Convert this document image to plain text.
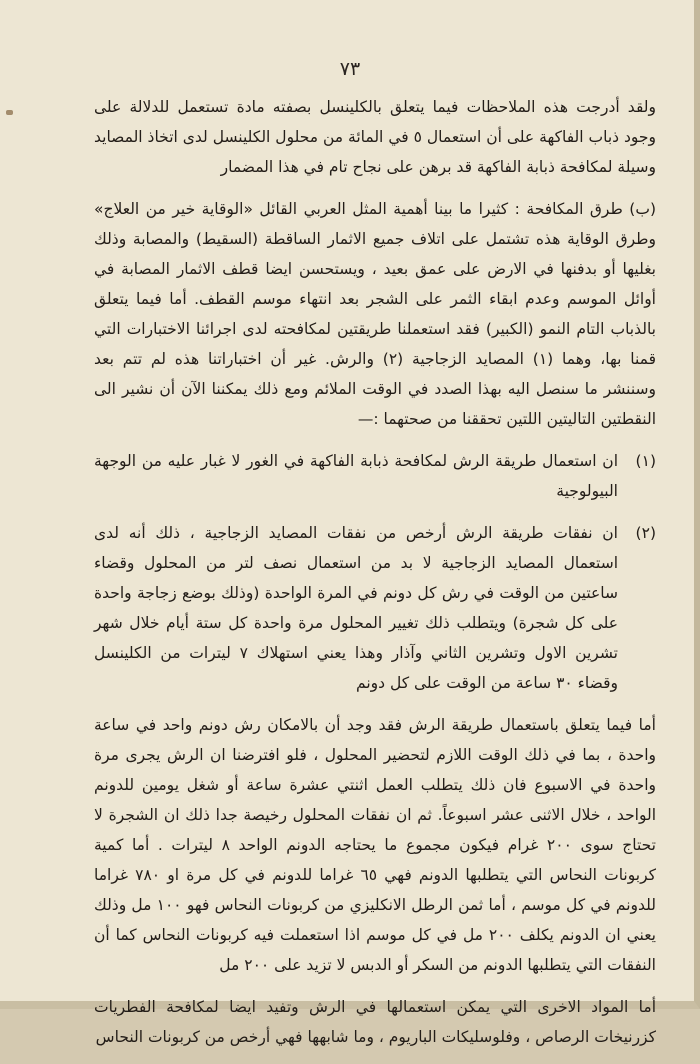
٧٣

ولقد أدرجت هذه الملاحظات فيما يتعلق بالكلينسل بصفته مادة تستعمل للدلالة على وجود ذباب الفاكهة على أن استعمال ٥ في المائة من محلول الكلينسل لدى اتخاذ المصايد وسيلة لمكافحة ذبابة الفاكهة قد برهن على نجاح تام في هذا المضمار

(ب) طرق المكافحة : كثيرا ما بينا أهمية المثل العربي القائل «الوقاية خير من العلاج» وطرق الوقاية هذه تشتمل على اتلاف جميع الاثمار الساقطة (السقيط) والمصابة وذلك بغليها أو بدفنها في الارض على عمق بعيد ، ويستحسن ايضا قطف الاثمار المصابة في أوائل الموسم وعدم ابقاء الثمر على الشجر بعد انتهاء موسم القطف. أما فيما يتعلق بالذباب التام النمو (الكبير) فقد استعملنا طريقتين لمكافحته لدى اجرائنا الاختبارات التي قمنا بها، وهما (١) المصايد الزجاجية (٢) والرش. غير أن اختباراتنا هذه لم تتم بعد وسننشر ما سنصل اليه بهذا الصدد في الوقت الملائم ومع ذلك يمكننا الآن أن نشير الى النقطتين التاليتين اللتين تحققنا من صحتهما :—

(١)
ان استعمال طريقة الرش لمكافحة ذبابة الفاكهة في الغور لا غبار عليه من الوجهة البيولوجية
(٢)
ان نفقات طريقة الرش أرخص من نفقات المصايد الزجاجية ، ذلك أنه لدى استعمال المصايد الزجاجية لا بد من استعمال نصف لتر من المحلول وقضاء ساعتين من الوقت في رش كل دونم في المرة الواحدة (وذلك بوضع زجاجة واحدة على كل شجرة) ويتطلب ذلك تغيير المحلول مرة واحدة كل ستة أيام خلال شهر تشرين الاول وتشرين الثاني وآذار وهذا يعني استهلاك ٧ ليترات من الكلينسل وقضاء ٣٠ ساعة من الوقت على كل دونم

أما فيما يتعلق باستعمال طريقة الرش فقد وجد أن بالامكان رش دونم واحد في ساعة واحدة ، بما في ذلك الوقت اللازم لتحضير المحلول ، فلو افترضنا ان الرش يجرى مرة واحدة في الاسبوع فان ذلك يتطلب العمل اثنتي عشرة ساعة أو شغل يومين للدونم الواحد ، خلال الاثنى عشر اسبوعاً. ثم ان نفقات المحلول رخيصة جدا ذلك ان الشجرة لا تحتاج سوى ٢٠٠ غرام فيكون مجموع ما يحتاجه الدونم الواحد ٨ ليترات . أما كمية كربونات النحاس التي يتطلبها الدونم فهي ٦٥ غراما للدونم في كل مرة او ٧٨٠ غراما للدونم في كل موسم ، أما ثمن الرطل الانكليزي من كربونات النحاس فهو ١٠٠ مل وذلك يعني ان الدونم يكلف ٢٠٠ مل في كل موسم اذا استعملت فيه كربونات النحاس كما أن النفقات التي يتطلبها الدونم من السكر أو الدبس لا تزيد على ٢٠٠ مل

أما المواد الاخرى التي يمكن استعمالها في الرش وتفيد ايضا لمكافحة الفطريات كزرنيخات الرصاص ، وفلوسليكات الباريوم ، وما شابهها فهي أرخص من كربونات النحاس
